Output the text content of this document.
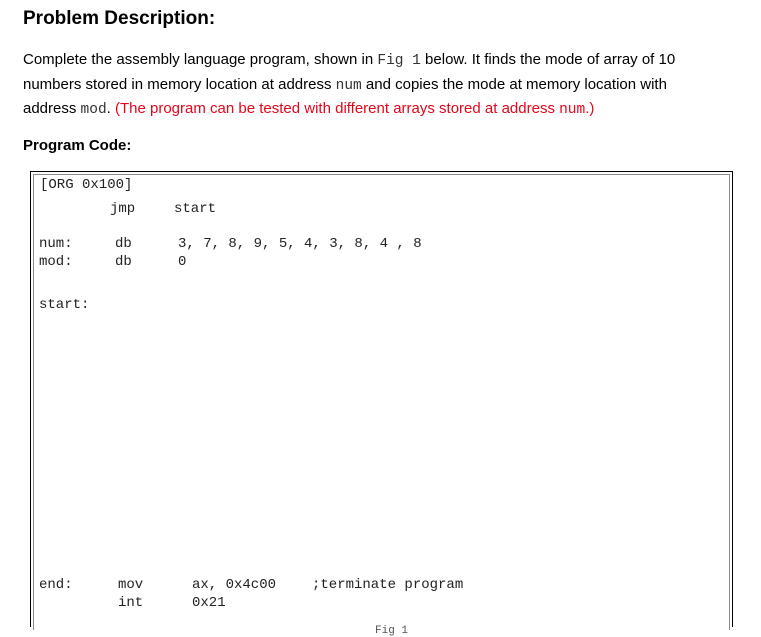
Problem Description:
Complete the assembly language program, shown in Fig 1 below. It finds the mode of array of 10
numbers stored in memory location at address num and copies the mode at memory location with
address mod. (The program can be tested with different arrays stored at address num.)
Program Code:
[ORG 0x100]
jmp	start
num:	db	3, 7, 8, 9, 5, 4, 3, 8, 4 , 8
mod:	db	0
start:
end:	mov	ax, 0x4c00	;terminate program
int	0x21
Fig 1
